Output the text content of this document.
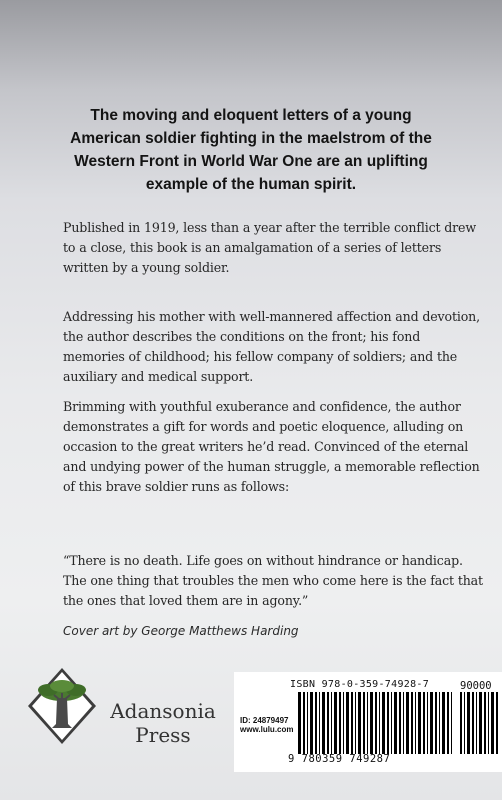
The moving and eloquent letters of a young American soldier fighting in the maelstrom of the Western Front in World War One are an uplifting example of the human spirit.

Published in 1919, less than a year after the terrible conflict drew to a close, this book is an amalgamation of a series of letters written by a young soldier.

Addressing his mother with well-mannered affection and devotion, the author describes the conditions on the front; his fond memories of childhood; his fellow company of soldiers; and the auxiliary and medical support.

Brimming with youthful exuberance and confidence, the author demonstrates a gift for words and poetic eloquence, alluding on occasion to the great writers he’d read. Convinced of the eternal and undying power of the human struggle, a memorable reflection of this brave soldier runs as follows:

“There is no death. Life goes on without hindrance or handicap. The one thing that troubles the men who come here is the fact that the ones that loved them are in agony.”

Cover art by George Matthews Harding

Adansonia
Press
ISBN 978-0-359-74928-7	90000
ID: 24879497
www.lulu.com
9 780359 749287
